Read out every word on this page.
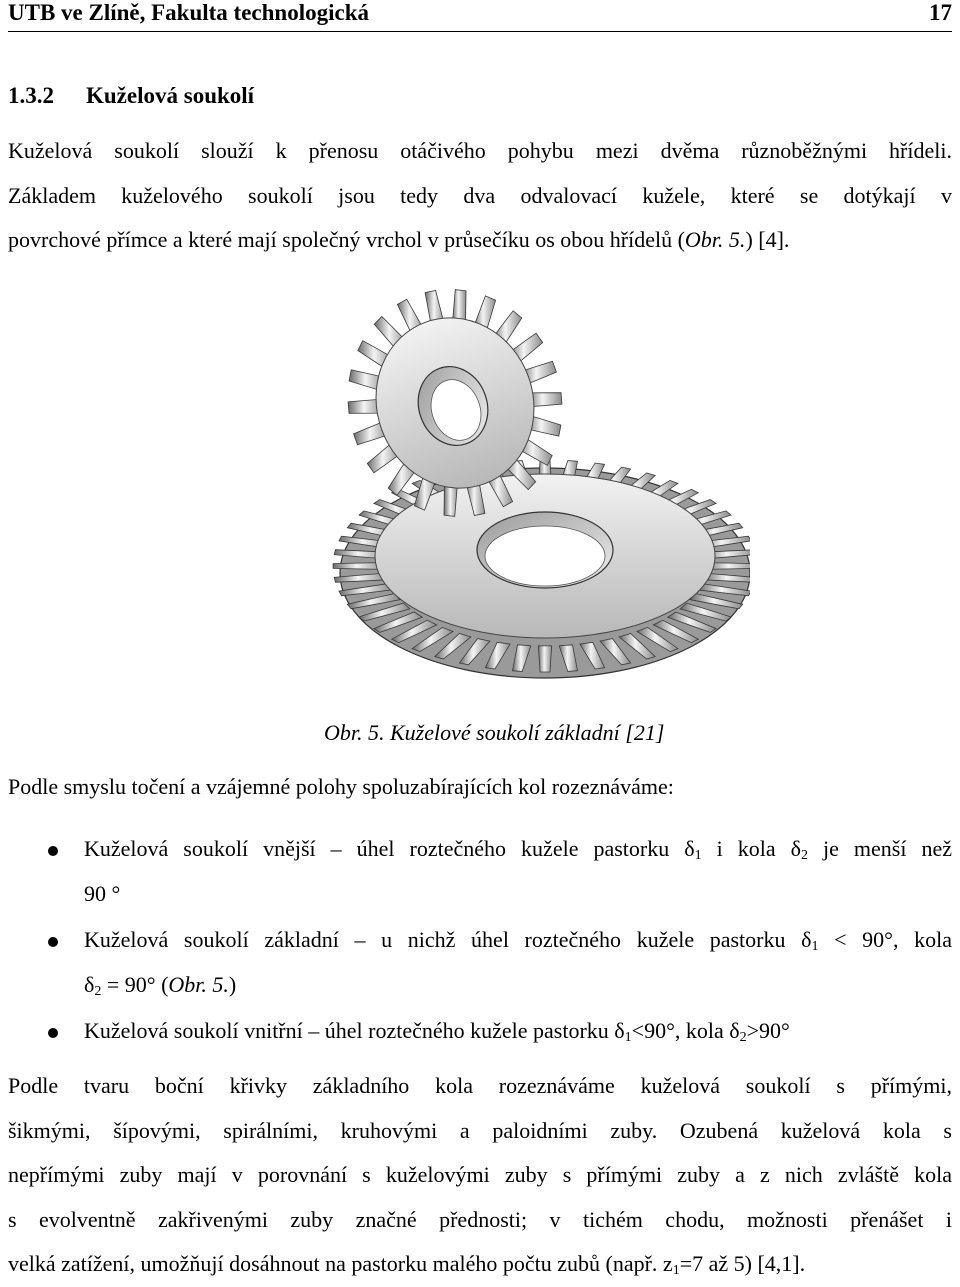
UTB ve Zlíně, Fakulta technologická	17
1.3.2 Kuželová soukolí
Kuželová soukolí slouží k přenosu otáčivého pohybu mezi dvěma různoběžnými hřídeli.
Základem kuželového soukolí jsou tedy dva odvalovací kužele, které se dotýkají v
povrchové přímce a které mají společný vrchol v průsečíku os obou hřídelů (Obr. 5.) [4].
Obr. 5. Kuželové soukolí základní [21]
Podle smyslu točení a vzájemné polohy spoluzabírajících kol rozeznáváme:
Kuželová soukolí vnější – úhel roztečného kužele pastorku $\delta_1$ i kola $\delta_2$ je menší než
90 °
Kuželová soukolí základní – u nichž úhel roztečného kužele pastorku $\delta_1 < 90^\circ$, kola
$\delta_2 = 90^\circ$ (Obr. 5.)
Kuželová soukolí vnitřní – úhel roztečného kužele pastorku $\delta_1<90^\circ$, kola $\delta_2>90^\circ$
Podle tvaru boční křivky základního kola rozeznáváme kuželová soukolí s přímými,
šikmými, šípovými, spirálními, kruhovými a paloidními zuby. Ozubená kuželová kola s
nepřímými zuby mají v porovnání s kuželovými zuby s přímými zuby a z nich zvláště kola
s evolventně zakřivenými zuby značné přednosti; v tichém chodu, možnosti přenášet i
velká zatížení, umožňují dosáhnout na pastorku malého počtu zubů (např. $z_1=7$ až 5) [4,1].
